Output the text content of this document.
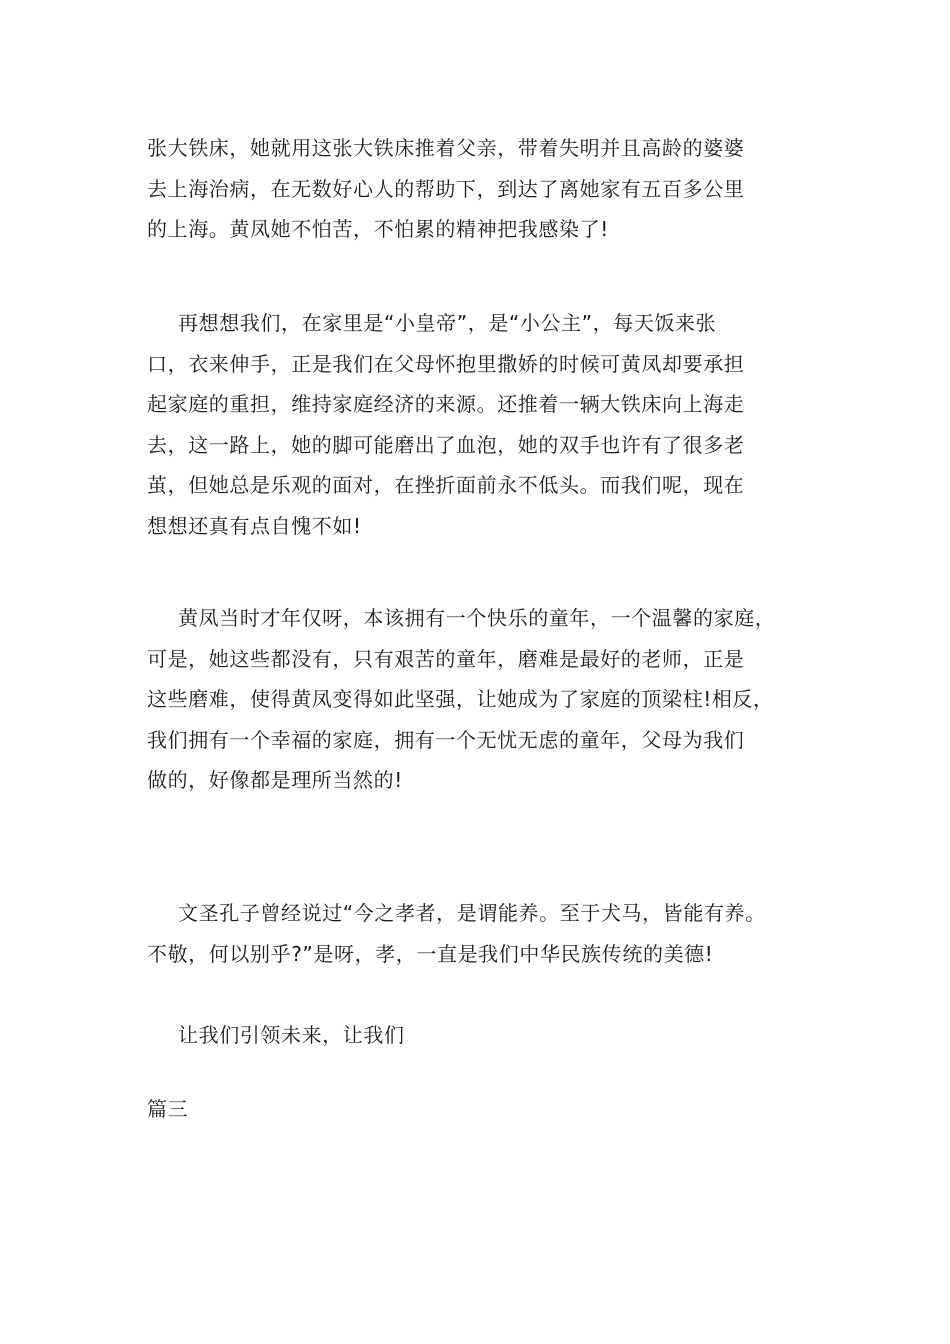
张大铁床，她就用这张大铁床推着父亲，带着失明并且高龄的婆婆
去上海治病，在无数好心人的帮助下，到达了离她家有五百多公里
的上海。黄凤她不怕苦，不怕累的精神把我感染了!
再想想我们，在家里是“小皇帝”，是“小公主”，每天饭来张
口，衣来伸手，正是我们在父母怀抱里撒娇的时候可黄凤却要承担
起家庭的重担，维持家庭经济的来源。还推着一辆大铁床向上海走
去，这一路上，她的脚可能磨出了血泡，她的双手也许有了很多老
茧，但她总是乐观的面对，在挫折面前永不低头。而我们呢，现在
想想还真有点自愧不如!
黄凤当时才年仅呀，本该拥有一个快乐的童年，一个温馨的家庭，
可是，她这些都没有，只有艰苦的童年，磨难是最好的老师，正是
这些磨难，使得黄凤变得如此坚强，让她成为了家庭的顶梁柱!相反，
我们拥有一个幸福的家庭，拥有一个无忧无虑的童年，父母为我们
做的，好像都是理所当然的!
文圣孔子曾经说过“今之孝者，是谓能养。至于犬马，皆能有养。
不敬，何以别乎?”是呀，孝，一直是我们中华民族传统的美德!
让我们引领未来，让我们
篇三
